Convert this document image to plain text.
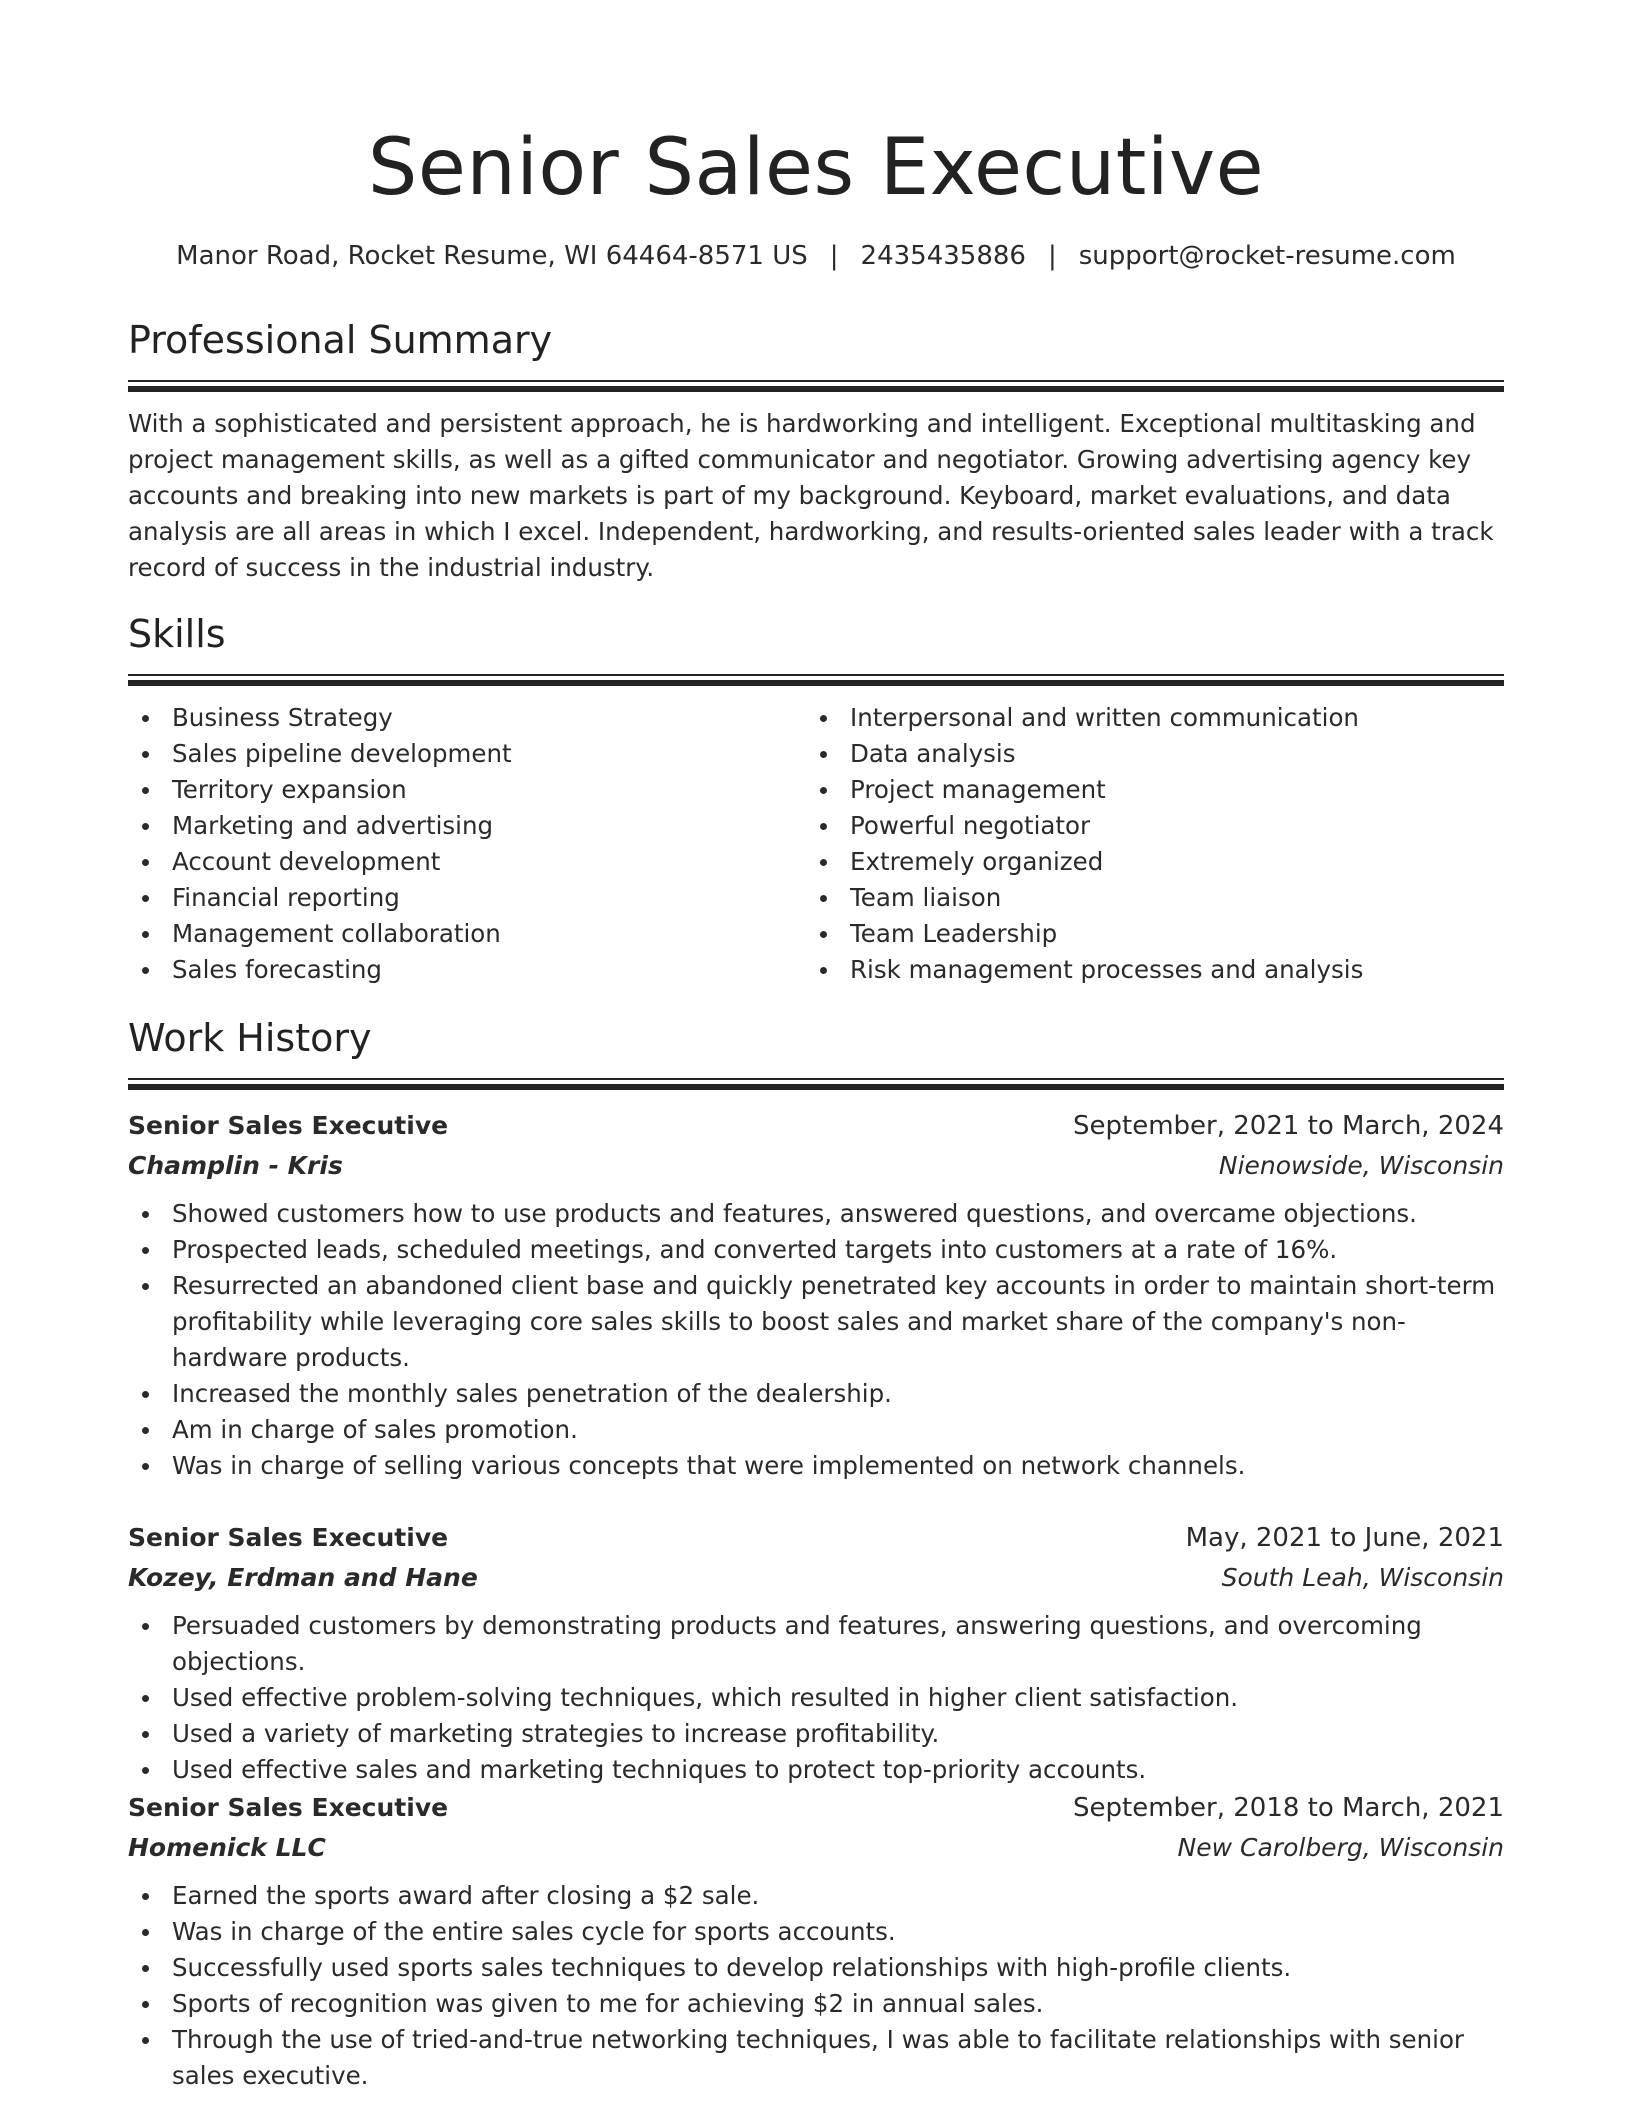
Senior Sales Executive
Manor Road, Rocket Resume, WI 64464-8571 US | 2435435886 | support@rocket-resume.com
Professional Summary

With a sophisticated and persistent approach, he is hardworking and intelligent. Exceptional multitasking and project management skills, as well as a gifted communicator and negotiator. Growing advertising agency key accounts and breaking into new markets is part of my background. Keyboard, market evaluations, and data analysis are all areas in which I excel. Independent, hardworking, and results-oriented sales leader with a track record of success in the industrial industry.

Skills
Business Strategy
Sales pipeline development
Territory expansion
Marketing and advertising
Account development
Financial reporting
Management collaboration
Sales forecasting
Interpersonal and written communication
Data analysis
Project management
Powerful negotiator
Extremely organized
Team liaison
Team Leadership
Risk management processes and analysis
Work History
Senior Sales Executive	September, 2021 to March, 2024
Champlin - Kris	Nienowside, Wisconsin
Showed customers how to use products and features, answered questions, and overcame objections.
Prospected leads, scheduled meetings, and converted targets into customers at a rate of 16%.
Resurrected an abandoned client base and quickly penetrated key accounts in order to maintain short-term profitability while leveraging core sales skills to boost sales and market share of the company's non-hardware products.
Increased the monthly sales penetration of the dealership.
Am in charge of sales promotion.
Was in charge of selling various concepts that were implemented on network channels.
Senior Sales Executive	May, 2021 to June, 2021
Kozey, Erdman and Hane	South Leah, Wisconsin
Persuaded customers by demonstrating products and features, answering questions, and overcoming objections.
Used effective problem-solving techniques, which resulted in higher client satisfaction.
Used a variety of marketing strategies to increase profitability.
Used effective sales and marketing techniques to protect top-priority accounts.
Senior Sales Executive	September, 2018 to March, 2021
Homenick LLC	New Carolberg, Wisconsin
Earned the sports award after closing a $2 sale.
Was in charge of the entire sales cycle for sports accounts.
Successfully used sports sales techniques to develop relationships with high-profile clients.
Sports of recognition was given to me for achieving $2 in annual sales.
Through the use of tried-and-true networking techniques, I was able to facilitate relationships with senior sales executive.
